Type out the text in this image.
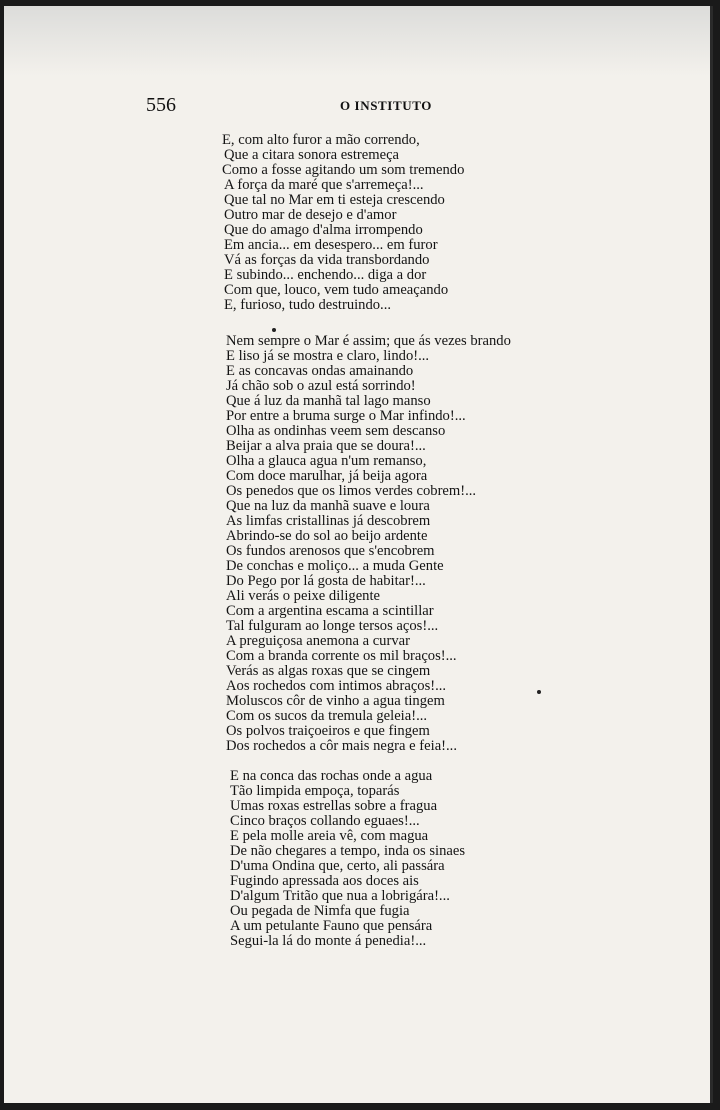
556	O INSTITUTO
E, com alto furor a mão correndo,
Que a citara sonora estremeça
Como a fosse agitando um som tremendo
A força da maré que s'arremeça!...
Que tal no Mar em ti esteja crescendo
Outro mar de desejo e d'amor
Que do amago d'alma irrompendo
Em ancia... em desespero... em furor
Vá as forças da vida transbordando
E subindo... enchendo... diga a dor
Com que, louco, vem tudo ameaçando
E, furioso, tudo destruindo...
Nem sempre o Mar é assim; que ás vezes brando
E liso já se mostra e claro, lindo!...
E as concavas ondas amainando
Já chão sob o azul está sorrindo!
Que á luz da manhã tal lago manso
Por entre a bruma surge o Mar infindo!...
Olha as ondinhas veem sem descanso
Beijar a alva praia que se doura!...
Olha a glauca agua n'um remanso,
Com doce marulhar, já beija agora
Os penedos que os limos verdes cobrem!...
Que na luz da manhã suave e loura
As limfas cristallinas já descobrem
Abrindo-se do sol ao beijo ardente
Os fundos arenosos que s'encobrem
De conchas e moliço... a muda Gente
Do Pego por lá gosta de habitar!...
Ali verás o peixe diligente
Com a argentina escama a scintillar
Tal fulguram ao longe tersos aços!...
A preguiçosa anemona a curvar
Com a branda corrente os mil braços!...
Verás as algas roxas que se cingem
Aos rochedos com intimos abraços!...
Moluscos côr de vinho a agua tingem
Com os sucos da tremula geleia!...
Os polvos traiçoeiros e que fingem
Dos rochedos a côr mais negra e feia!...
E na conca das rochas onde a agua
Tão limpida empoça, toparás
Umas roxas estrellas sobre a fragua
Cinco braços collando eguaes!...
E pela molle areia vê, com magua
De não chegares a tempo, inda os sinaes
D'uma Ondina que, certo, ali passára
Fugindo apressada aos doces ais
D'algum Tritão que nua a lobrigára!...
Ou pegada de Nimfa que fugia
A um petulante Fauno que pensára
Segui-la lá do monte á penedia!...
